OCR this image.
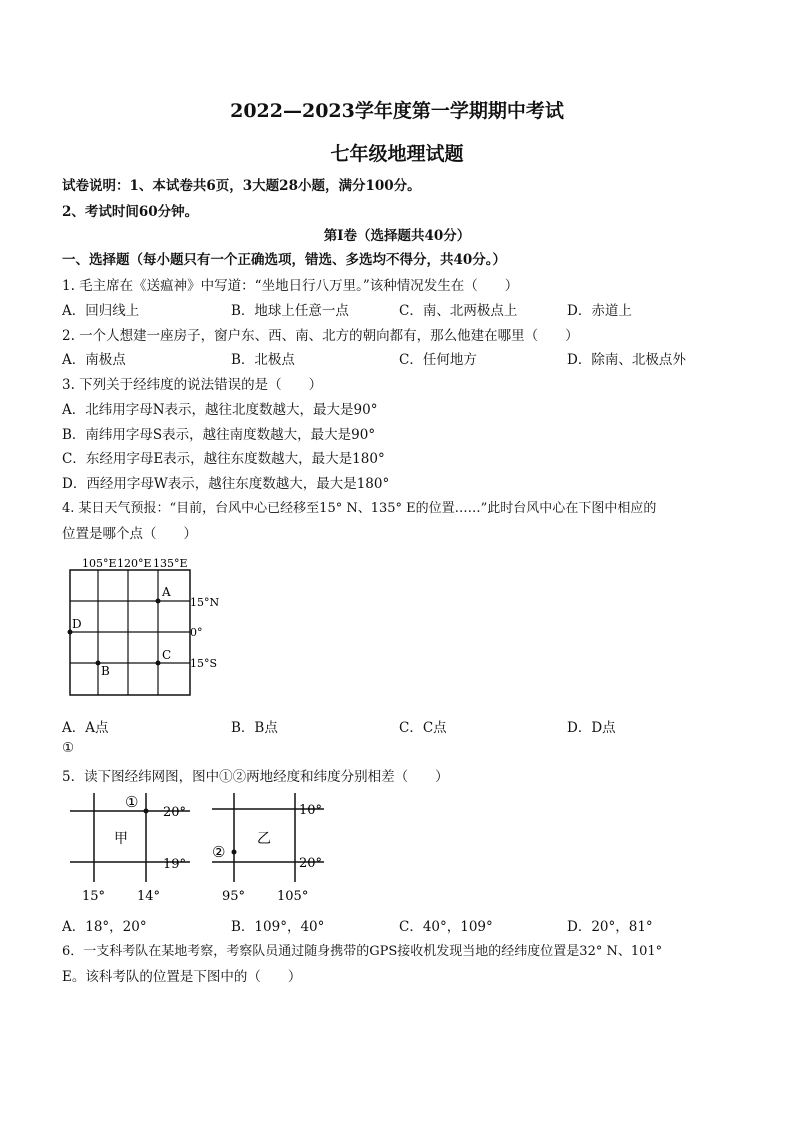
2022—2023学年度第一学期期中考试
七年级地理试题
试卷说明：1、本试卷共6页，3大题28小题，满分100分。
2、考试时间60分钟。
第Ⅰ卷（选择题共40分）
一、选择题（每小题只有一个正确选项，错选、多选均不得分，共40分。）
1. 毛主席在《送瘟神》中写道：“坐地日行八万里。”该种情况发生在（　　）
A．回归线上	B．地球上任意一点	C．南、北两极点上	D．赤道上
2. 一个人想建一座房子，窗户东、西、南、北方的朝向都有，那么他建在哪里（　　）
A．南极点	B．北极点	C．任何地方	D．除南、北极点外
3. 下列关于经纬度的说法错误的是（　　）
A．北纬用字母N表示，越往北度数越大，最大是90°
B．南纬用字母S表示，越往南度数越大，最大是90°
C．东经用字母E表示，越往东度数越大，最大是180°
D．西经用字母W表示，越往东度数越大，最大是180°
4. 某日天气预报：“目前，台风中心已经移至15° N、135° E的位置……”此时台风中心在下图中相应的
位置是哪个点（　　）
105°E 120°E 135°E
15°N
0°
15°S
A
B
C
D
A．A点	B．B点	C．C点	D．D点
①
5．读下图经纬网图，图中①②两地经度和纬度分别相差（　　）
①
甲
20°
19°
15° 14°
②
乙
10°
20°
95° 105°
A．18°，20°	B．109°，40°	C．40°，109°	D．20°，81°
6．一支科考队在某地考察，考察队员通过随身携带的GPS接收机发现当地的经纬度位置是32° N、101°
E。该科考队的位置是下图中的（　　）
